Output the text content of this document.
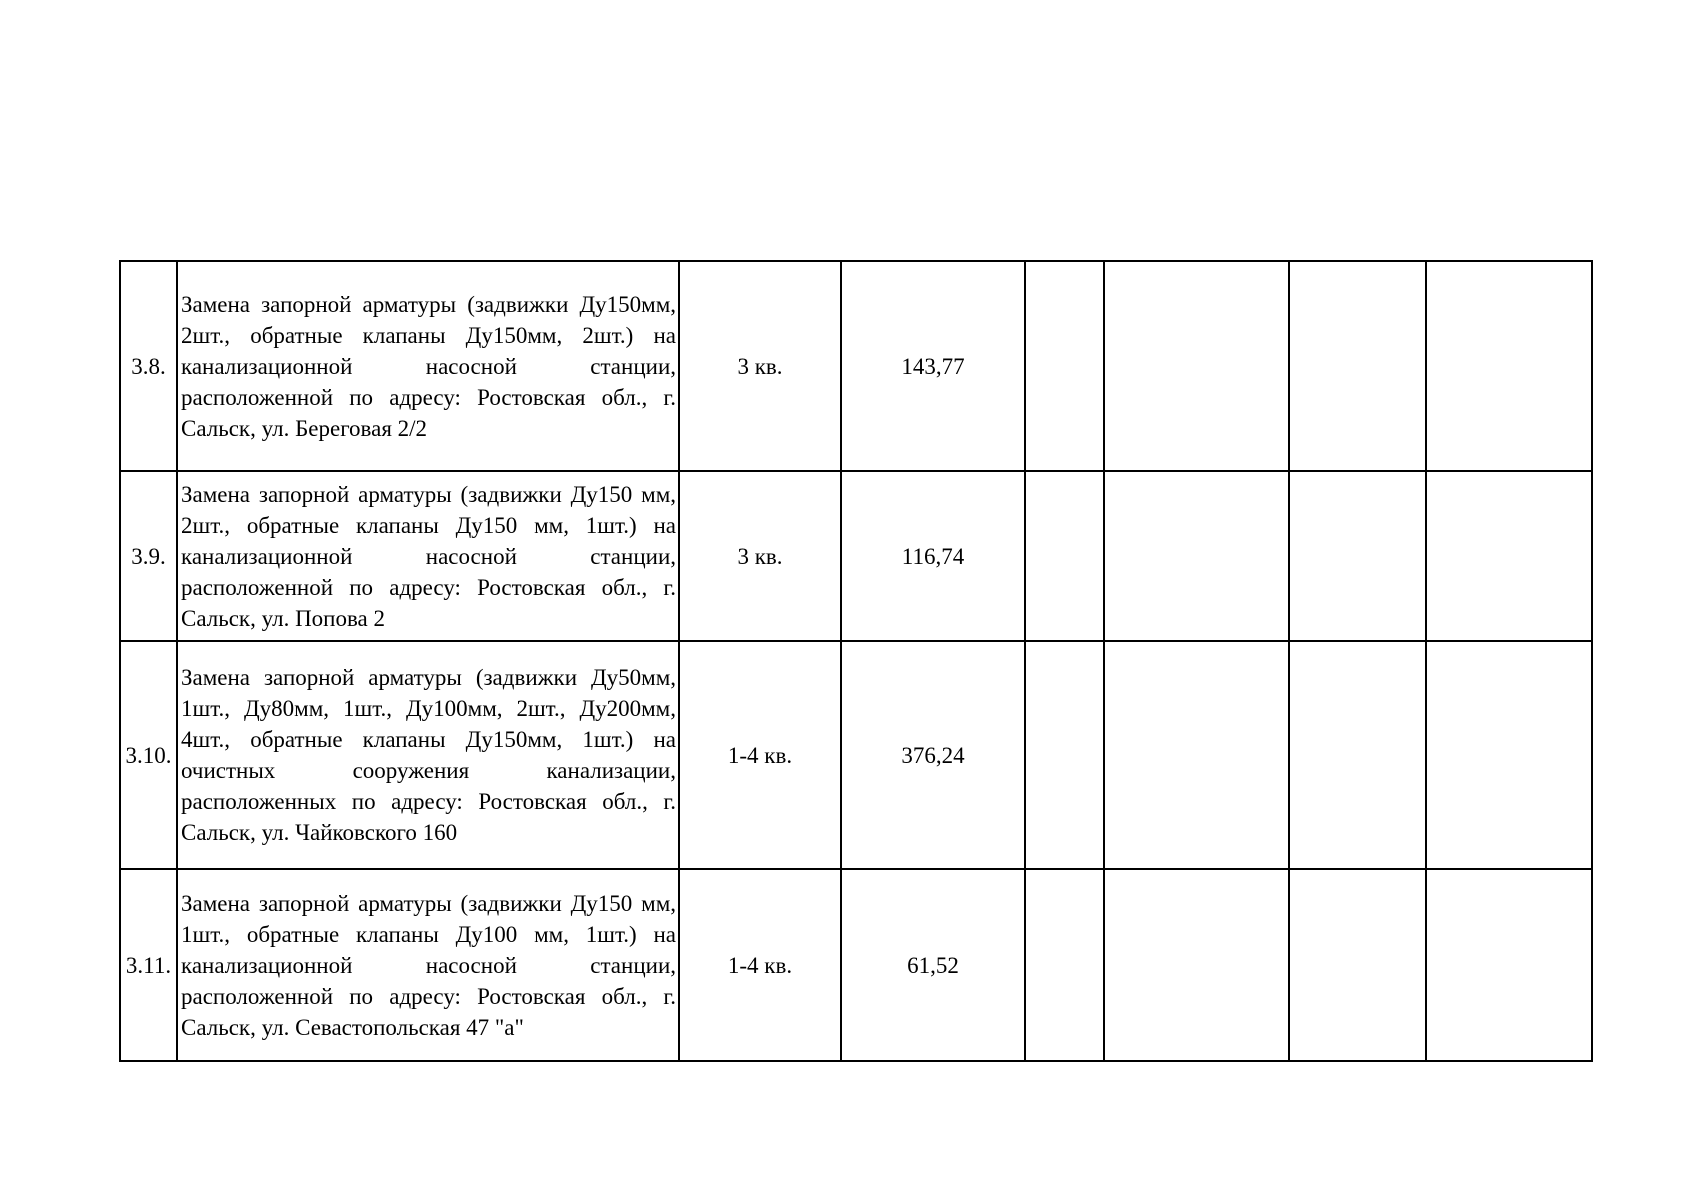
3.8.	Замена запорной арматуры (задвижки Ду150мм, 2шт., обратные клапаны Ду150мм, 2шт.) на канализационной насосной станции, расположенной по адресу: Ростовская обл., г. Сальск, ул. Береговая 2/2	3 кв.	143,77				
3.9.	Замена запорной арматуры (задвижки Ду150 мм, 2шт., обратные клапаны Ду150 мм, 1шт.) на канализационной насосной станции, расположенной по адресу: Ростовская обл., г. Сальск, ул. Попова 2	3 кв.	116,74				
3.10.	Замена запорной арматуры (задвижки Ду50мм, 1шт., Ду80мм, 1шт., Ду100мм, 2шт., Ду200мм, 4шт., обратные клапаны Ду150мм, 1шт.) на очистных сооружения канализации, расположенных по адресу: Ростовская обл., г. Сальск, ул. Чайковского 160	1-4 кв.	376,24				
3.11.	Замена запорной арматуры (задвижки Ду150 мм, 1шт., обратные клапаны Ду100 мм, 1шт.) на канализационной насосной станции, расположенной по адресу: Ростовская обл., г. Сальск, ул. Севастопольская 47 "а"	1-4 кв.	61,52				
